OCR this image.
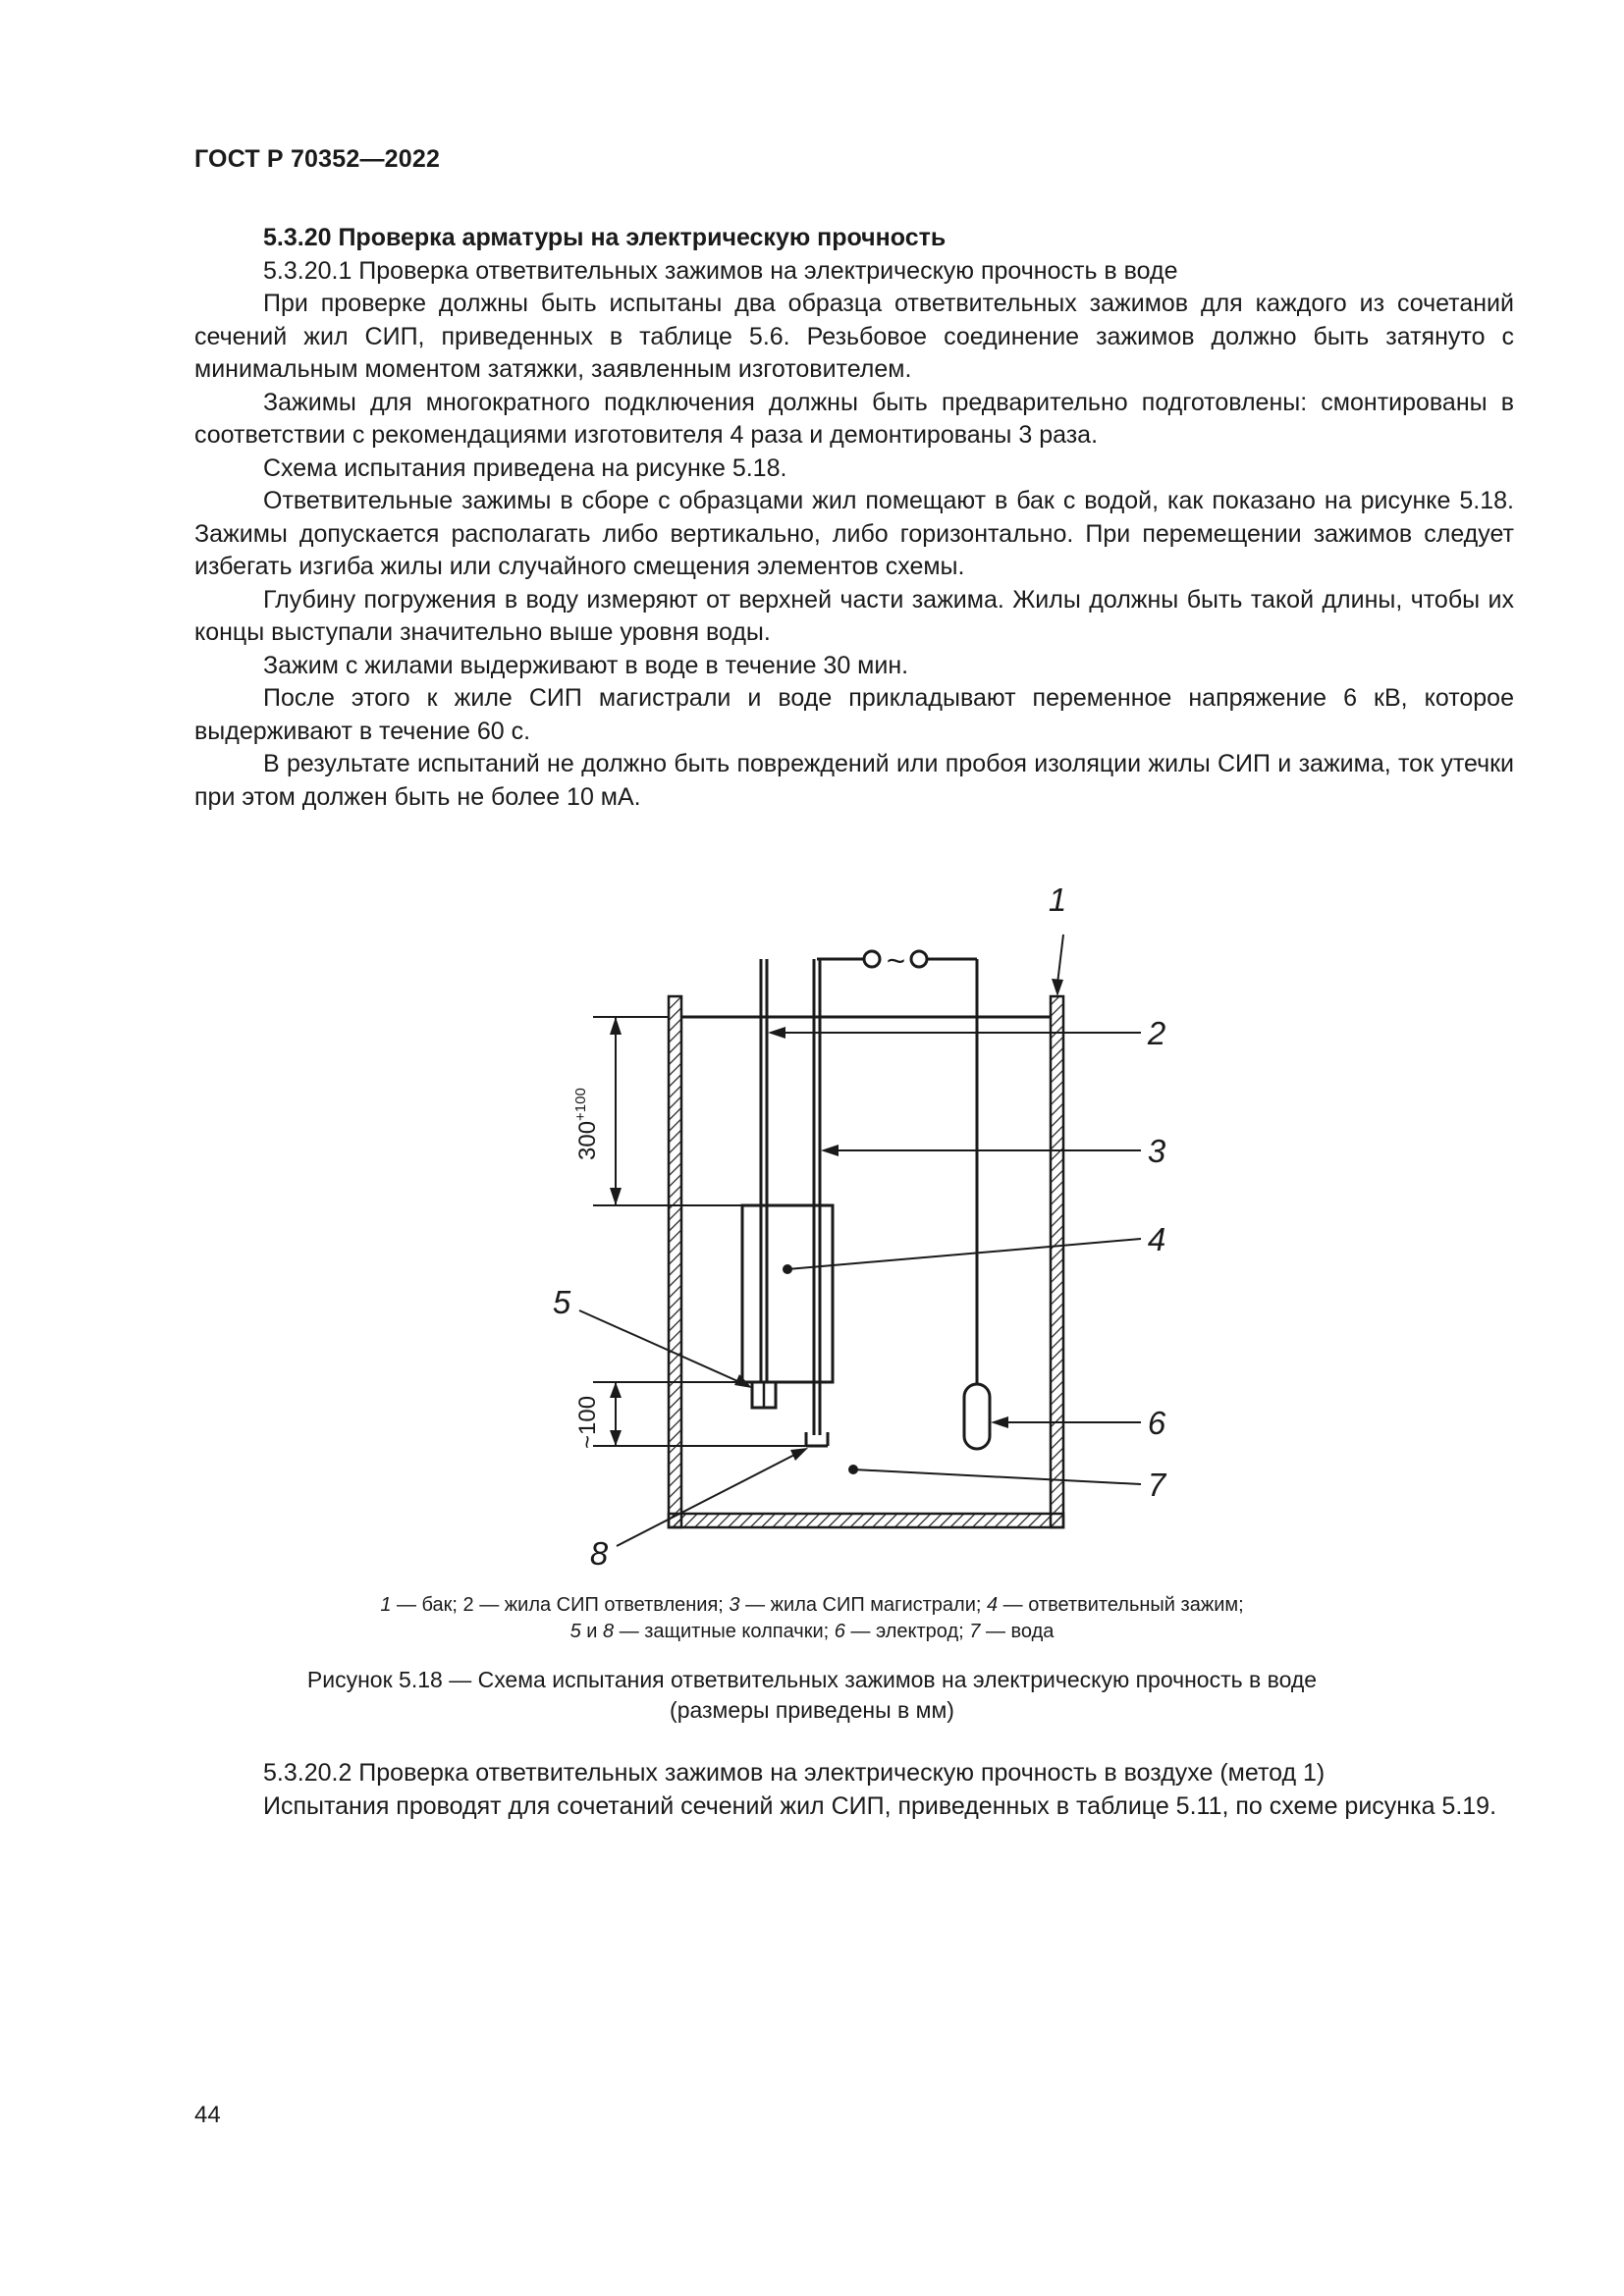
ГОСТ Р 70352—2022

5.3.20 Проверка арматуры на электрическую прочность

5.3.20.1 Проверка ответвительных зажимов на электрическую прочность в воде

При проверке должны быть испытаны два образца ответвительных зажимов для каждого из сочетаний сечений жил СИП, приведенных в таблице 5.6. Резьбовое соединение зажимов должно быть затянуто с минимальным моментом затяжки, заявленным изготовителем.

Зажимы для многократного подключения должны быть предварительно подготовлены: смонтированы в соответствии с рекомендациями изготовителя 4 раза и демонтированы 3 раза.

Схема испытания приведена на рисунке 5.18.

Ответвительные зажимы в сборе с образцами жил помещают в бак с водой, как показано на рисунке 5.18. Зажимы допускается располагать либо вертикально, либо горизонтально. При перемещении зажимов следует избегать изгиба жилы или случайного смещения элементов схемы.

Глубину погружения в воду измеряют от верхней части зажима. Жилы должны быть такой длины, чтобы их концы выступали значительно выше уровня воды.

Зажим с жилами выдерживают в воде в течение 30 мин.

После этого к жиле СИП магистрали и воде прикладывают переменное напряжение 6 кВ, которое выдерживают в течение 60 с.

В результате испытаний не должно быть повреждений или пробоя изоляции жилы СИП и зажима, ток утечки при этом должен быть не более 10 мА.

~
$300^{+100}$
~100
1
2
3
4
5
6
7
8
1 — бак; 2 — жила СИП ответвления; 3 — жила СИП магистрали; 4 — ответвительный зажим;
5 и 8 — защитные колпачки; 6 — электрод; 7 — вода
Рисунок 5.18 — Схема испытания ответвительных зажимов на электрическую прочность в воде
(размеры приведены в мм)

5.3.20.2 Проверка ответвительных зажимов на электрическую прочность в воздухе (метод 1)

Испытания проводят для сочетаний сечений жил СИП, приведенных в таблице 5.11, по схеме рисунка 5.19.

44
